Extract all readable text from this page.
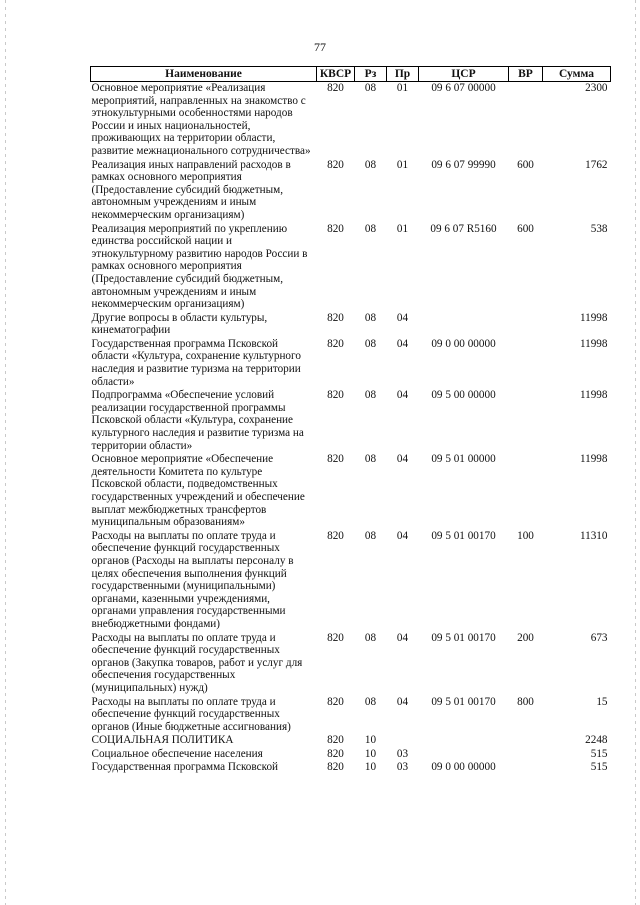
77
Наименование	КВСР	Рз	Пр	ЦСР	ВР	Сумма
Основное мероприятие «Реализация мероприятий, направленных на знакомство с этнокультурными особенностями народов России и иных национальностей, проживающих на территории области, развитие межнационального сотрудничества»	820	08	01	09 6 07 00000		2300
Реализация иных направлений расходов в рамках основного мероприятия (Предоставление субсидий бюджетным, автономным учреждениям и иным некоммерческим организациям)	820	08	01	09 6 07 99990	600	1762
Реализация мероприятий по укреплению единства российской нации и этнокультурному развитию народов России в рамках основного мероприятия (Предоставление субсидий бюджетным, автономным учреждениям и иным некоммерческим организациям)	820	08	01	09 6 07 R5160	600	538
Другие вопросы в области культуры, кинематографии	820	08	04			11998
Государственная программа Псковской области «Культура, сохранение культурного наследия и развитие туризма на территории области»	820	08	04	09 0 00 00000		11998
Подпрограмма «Обеспечение условий реализации государственной программы Псковской области «Культура, сохранение культурного наследия и развитие туризма на территории области»	820	08	04	09 5 00 00000		11998
Основное мероприятие «Обеспечение деятельности Комитета по культуре Псковской области, подведомственных государственных учреждений и обеспечение выплат межбюджетных трансфертов муниципальным образованиям»	820	08	04	09 5 01 00000		11998
Расходы на выплаты по оплате труда и обеспечение функций государственных органов (Расходы на выплаты персоналу в целях обеспечения выполнения функций государственными (муниципальными) органами, казенными учреждениями, органами управления государственными внебюджетными фондами)	820	08	04	09 5 01 00170	100	11310
Расходы на выплаты по оплате труда и обеспечение функций государственных органов (Закупка товаров, работ и услуг для обеспечения государственных (муниципальных) нужд)	820	08	04	09 5 01 00170	200	673
Расходы на выплаты по оплате труда и обеспечение функций государственных органов (Иные бюджетные ассигнования)	820	08	04	09 5 01 00170	800	15
СОЦИАЛЬНАЯ ПОЛИТИКА	820	10				2248
Социальное обеспечение населения	820	10	03			515
Государственная программа Псковской	820	10	03	09 0 00 00000		515
